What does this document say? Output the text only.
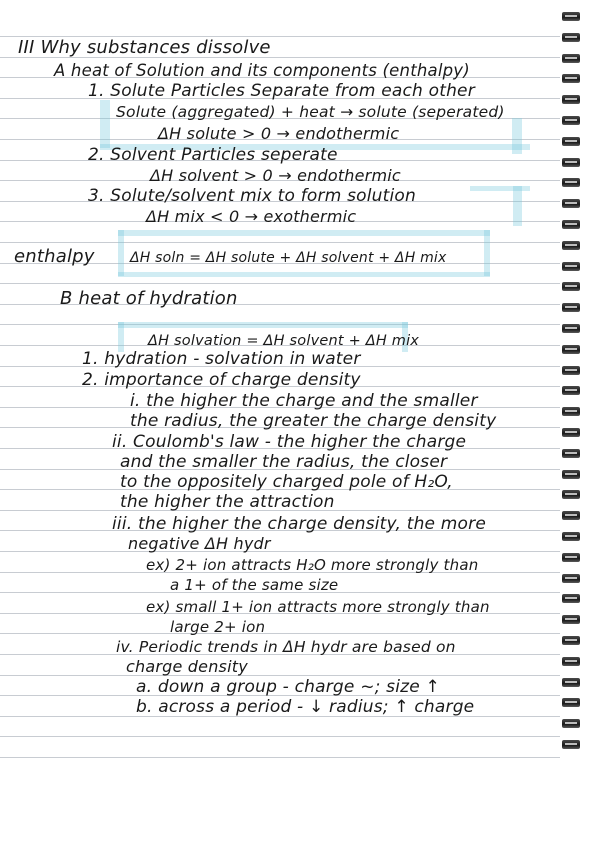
III Why substances dissolve
A heat of Solution and its components (enthalpy)
1. Solute Particles Separate from each other
Solute (aggregated) + heat → solute (seperated)
ΔH solute > 0 → endothermic
2. Solvent Particles seperate
ΔH solvent > 0 → endothermic
3. Solute/solvent mix to form solution
ΔH mix < 0 → exothermic
enthalpy	ΔH soln = ΔH solute + ΔH solvent + ΔH mix
B heat of hydration
ΔH solvation = ΔH solvent + ΔH mix
1. hydration - solvation in water
2. importance of charge density
i. the higher the charge and the smaller
the radius, the greater the charge density
ii. Coulomb's law - the higher the charge
and the smaller the radius, the closer
to the oppositely charged pole of H₂O,
the higher the attraction
iii. the higher the charge density, the more
negative ΔH hydr
ex) 2+ ion attracts H₂O more strongly than
a 1+ of the same size
ex) small 1+ ion attracts more strongly than
large 2+ ion
iv. Periodic trends in ΔH hydr are based on
charge density
a. down a group - charge ~; size ↑
b. across a period - ↓ radius; ↑ charge
